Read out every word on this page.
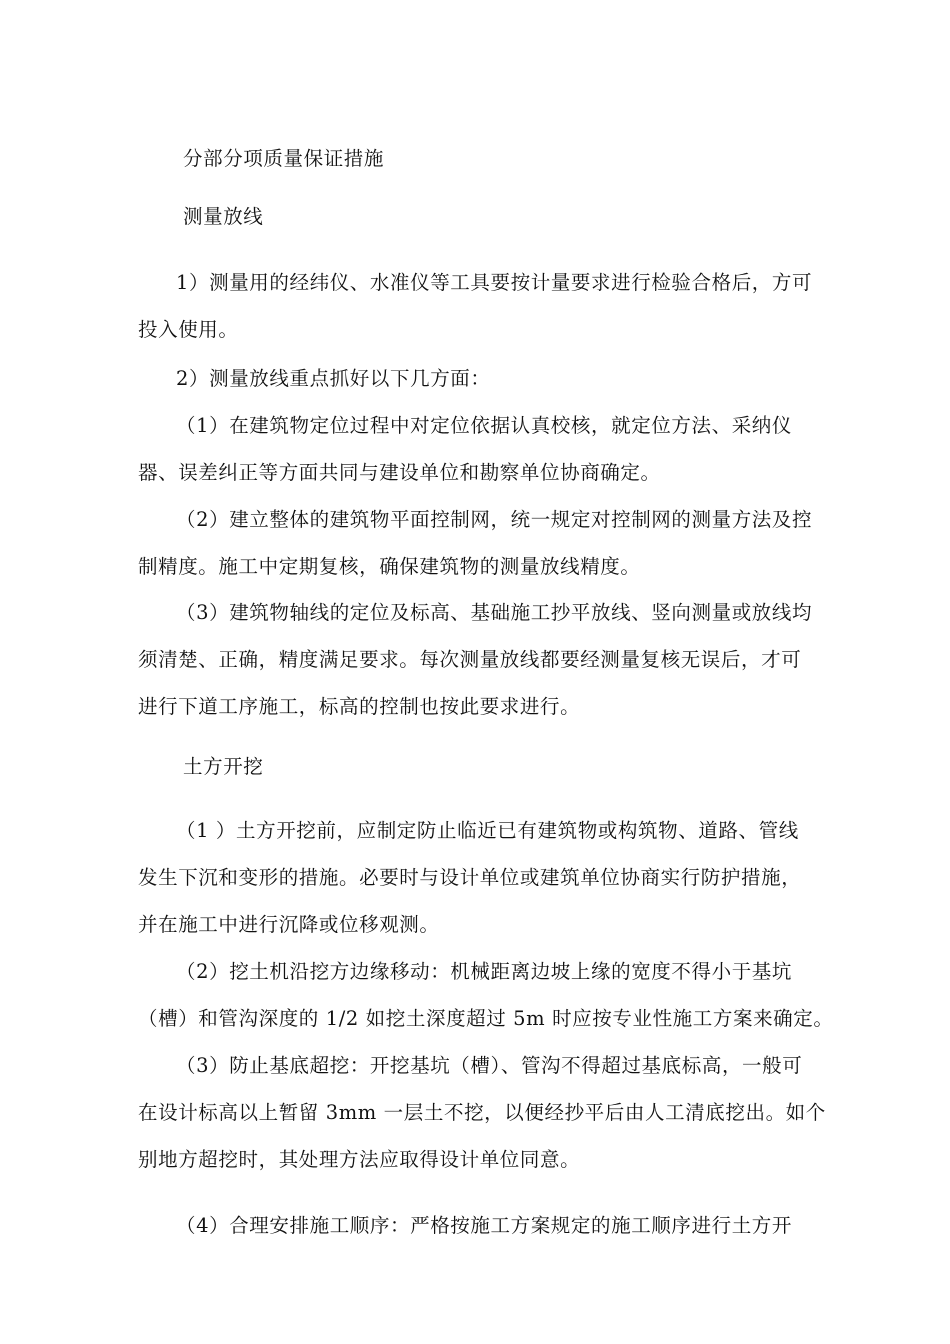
分部分项质量保证措施
测量放线
1）测量用的经纬仪、水准仪等工具要按计量要求进行检验合格后，方可
投入使用。
2）测量放线重点抓好以下几方面：
（1）在建筑物定位过程中对定位依据认真校核，就定位方法、采纳仪
器、误差纠正等方面共同与建设单位和勘察单位协商确定。
（2）建立整体的建筑物平面控制网，统一规定对控制网的测量方法及控
制精度。施工中定期复核，确保建筑物的测量放线精度。
（3）建筑物轴线的定位及标高、基础施工抄平放线、竖向测量或放线均
须清楚、正确，精度满足要求。每次测量放线都要经测量复核无误后，才可
进行下道工序施工，标高的控制也按此要求进行。
土方开挖
（1 ）土方开挖前，应制定防止临近已有建筑物或构筑物、道路、管线
发生下沉和变形的措施。必要时与设计单位或建筑单位协商实行防护措施，
并在施工中进行沉降或位移观测。
（2）挖土机沿挖方边缘移动：机械距离边坡上缘的宽度不得小于基坑
（槽）和管沟深度的 1/2 如挖土深度超过 5m 时应按专业性施工方案来确定。
（3）防止基底超挖：开挖基坑（槽）、管沟不得超过基底标高，一般可
在设计标高以上暂留 3mm 一层土不挖，以便经抄平后由人工清底挖出。如个
别地方超挖时，其处理方法应取得设计单位同意。
（4）合理安排施工顺序：严格按施工方案规定的施工顺序进行土方开
